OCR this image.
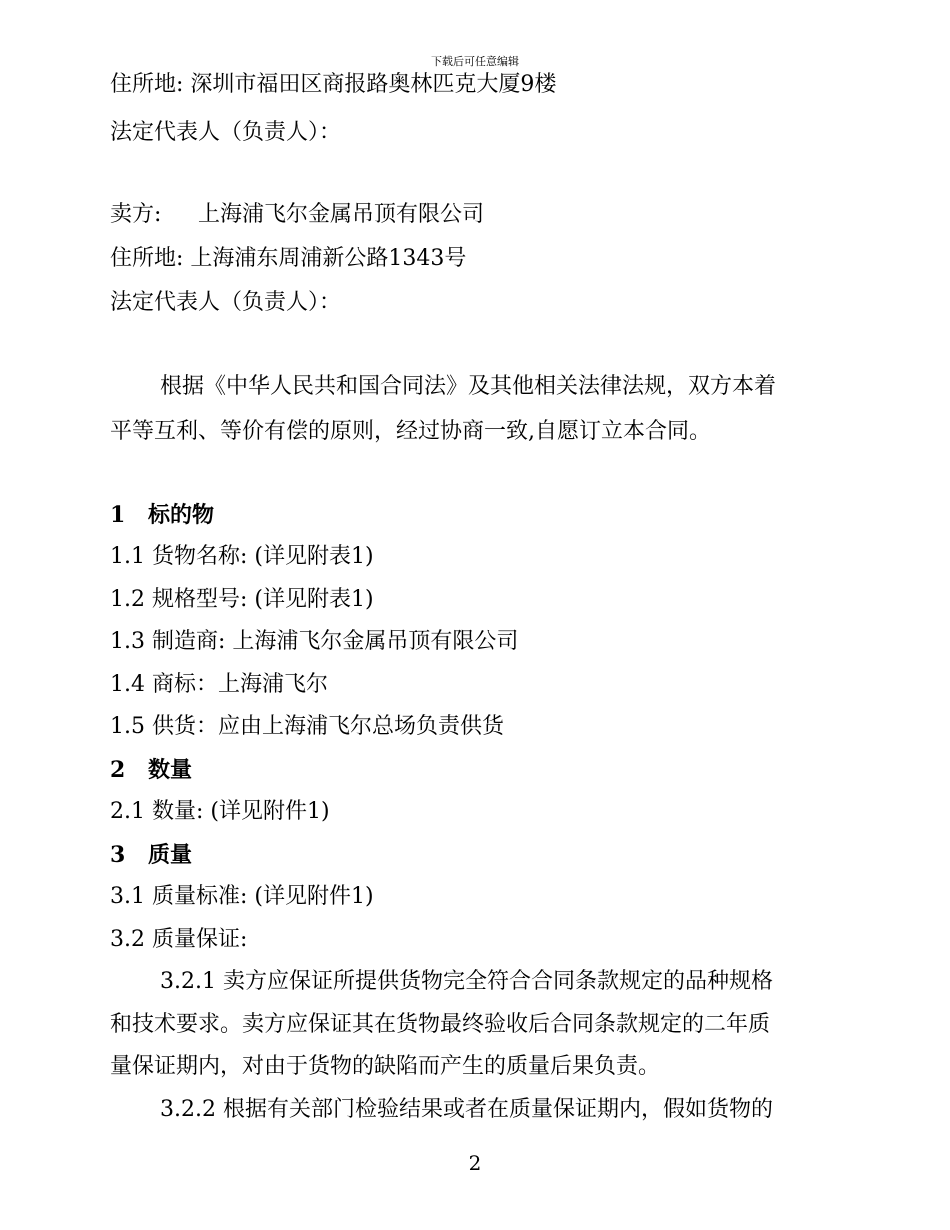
下载后可任意编辑
住所地: 深圳市福田区商报路奥林匹克大厦9楼
法定代表人（负责人）：
卖方: 上海浦飞尔金属吊顶有限公司
住所地: 上海浦东周浦新公路1343号
法定代表人（负责人）：
根据《中华人民共和国合同法》及其他相关法律法规，双方本着
平等互利、等价有偿的原则，经过协商一致,自愿订立本合同。
1 标的物
1.1 货物名称: (详见附表1)
1.2 规格型号: (详见附表1)
1.3 制造商: 上海浦飞尔金属吊顶有限公司
1.4 商标：上海浦飞尔
1.5 供货：应由上海浦飞尔总场负责供货
2 数量
2.1 数量: (详见附件1)
3 质量
3.1 质量标准: (详见附件1)
3.2 质量保证:
3.2.1 卖方应保证所提供货物完全符合合同条款规定的品种规格
和技术要求。卖方应保证其在货物最终验收后合同条款规定的二年质
量保证期内，对由于货物的缺陷而产生的质量后果负责。
3.2.2 根据有关部门检验结果或者在质量保证期内，假如货物的
2
